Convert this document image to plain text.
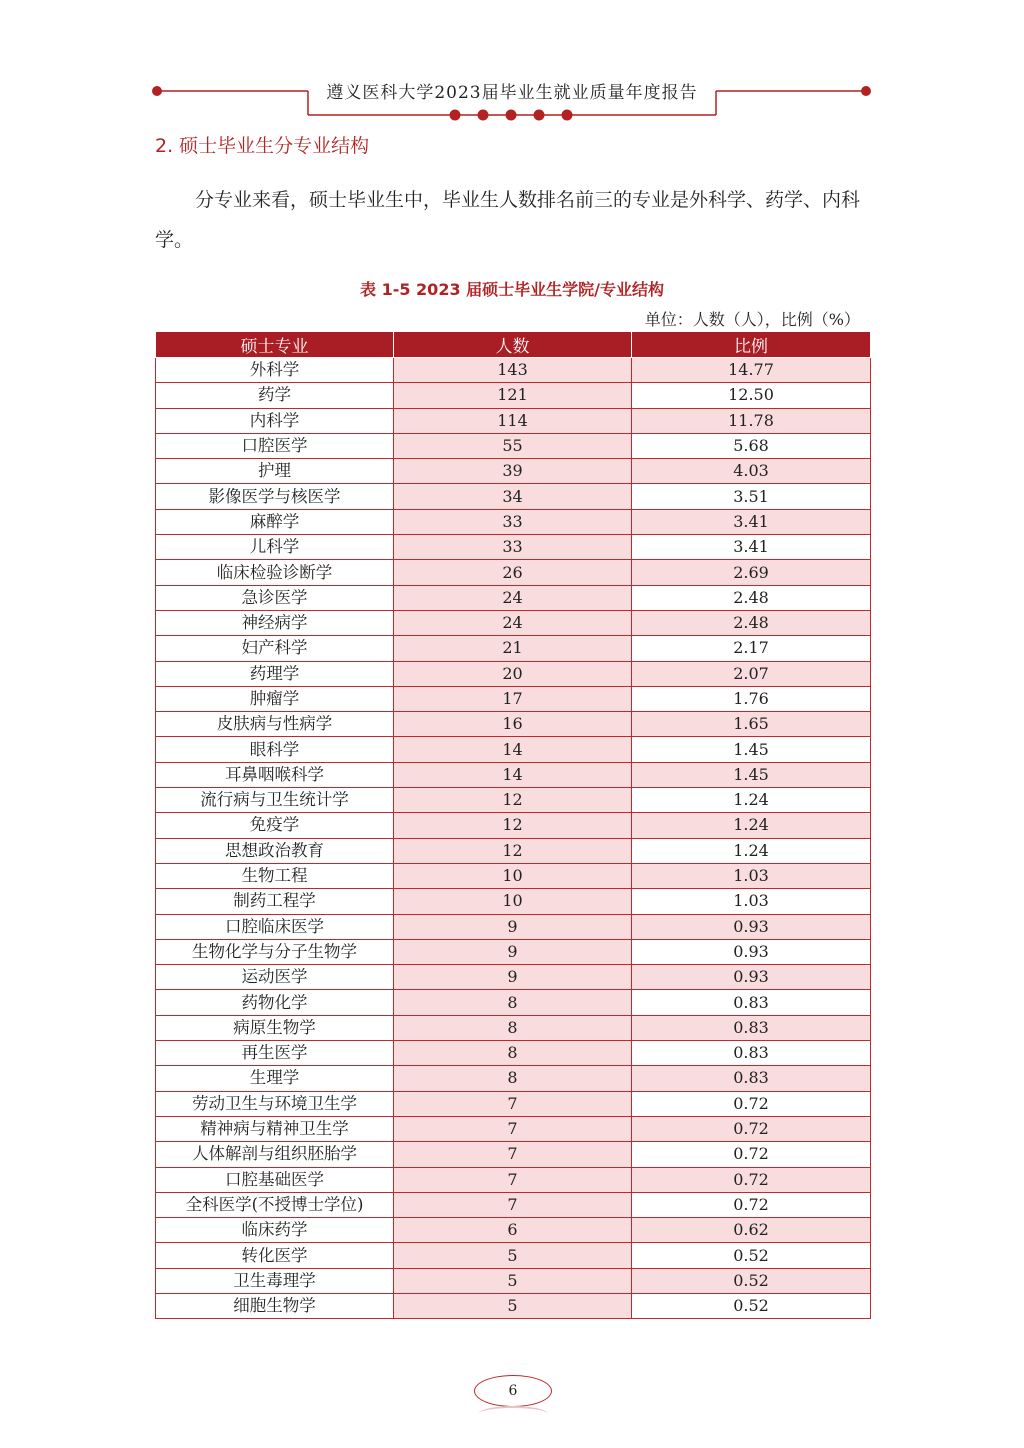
遵义医科大学2023届毕业生就业质量年度报告
2. 硕士毕业生分专业结构

分专业来看，硕士毕业生中，毕业生人数排名前三的专业是外科学、药学、内科学。

表 1-5 2023 届硕士毕业生学院/专业结构
单位：人数（人），比例（%）
硕士专业	人数	比例
外科学	143	14.77
药学	121	12.50
内科学	114	11.78
口腔医学	55	5.68
护理	39	4.03
影像医学与核医学	34	3.51
麻醉学	33	3.41
儿科学	33	3.41
临床检验诊断学	26	2.69
急诊医学	24	2.48
神经病学	24	2.48
妇产科学	21	2.17
药理学	20	2.07
肿瘤学	17	1.76
皮肤病与性病学	16	1.65
眼科学	14	1.45
耳鼻咽喉科学	14	1.45
流行病与卫生统计学	12	1.24
免疫学	12	1.24
思想政治教育	12	1.24
生物工程	10	1.03
制药工程学	10	1.03
口腔临床医学	9	0.93
生物化学与分子生物学	9	0.93
运动医学	9	0.93
药物化学	8	0.83
病原生物学	8	0.83
再生医学	8	0.83
生理学	8	0.83
劳动卫生与环境卫生学	7	0.72
精神病与精神卫生学	7	0.72
人体解剖与组织胚胎学	7	0.72
口腔基础医学	7	0.72
全科医学(不授博士学位)	7	0.72
临床药学	6	0.62
转化医学	5	0.52
卫生毒理学	5	0.52
细胞生物学	5	0.52
6
